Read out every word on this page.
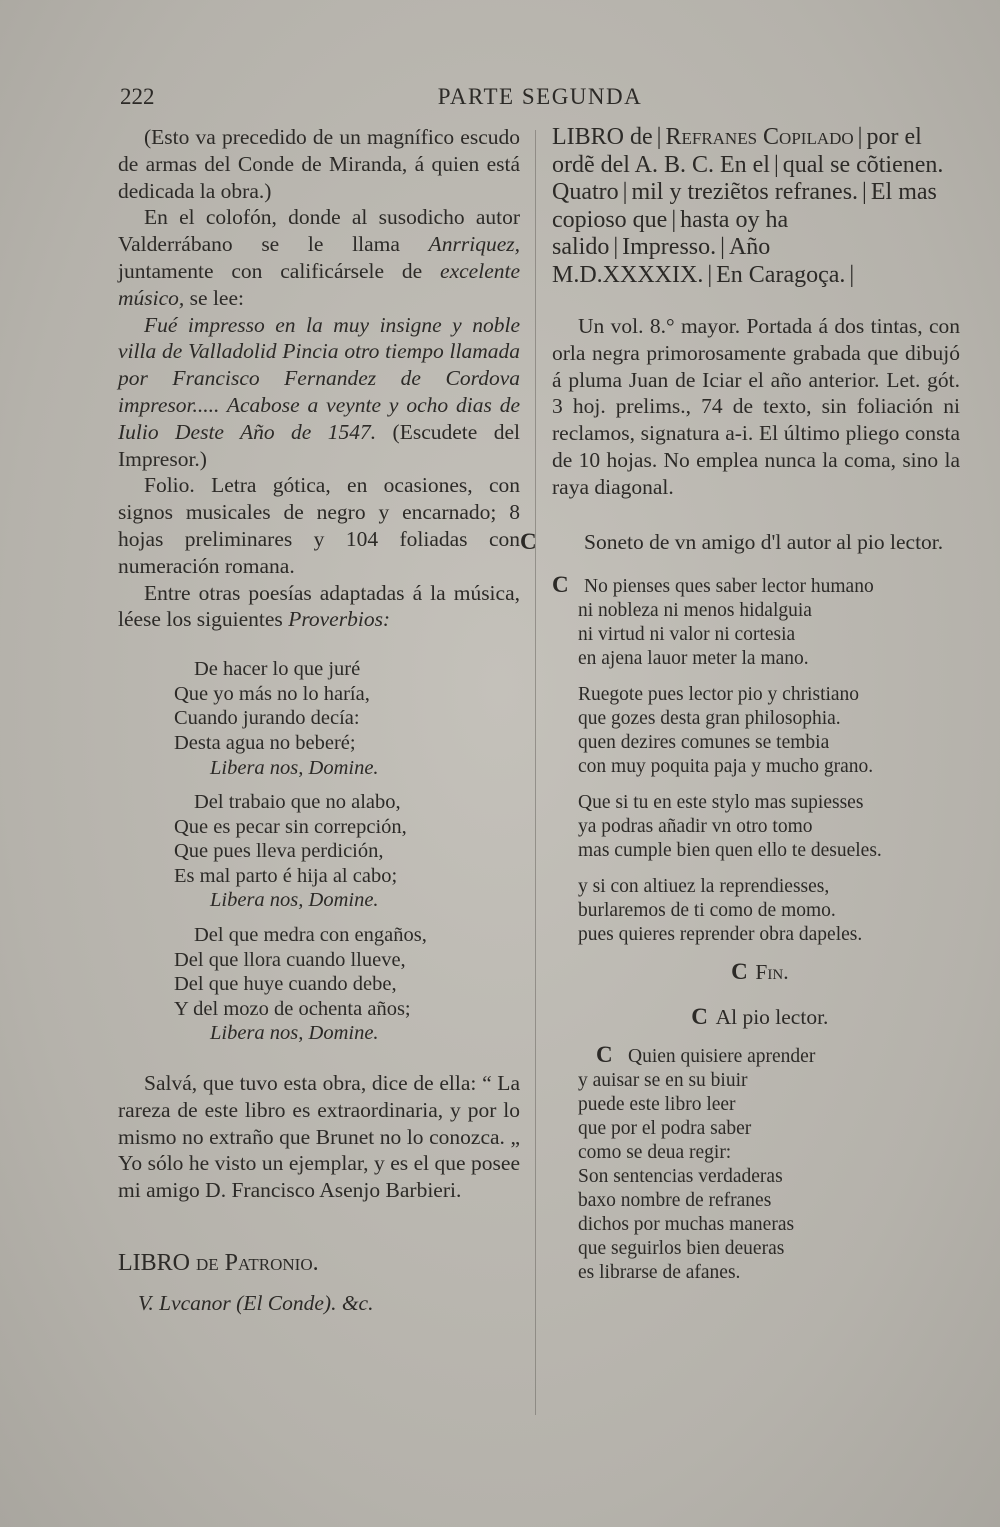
222	PARTE SEGUNDA

(Esto va precedido de un magnífico escudo de armas del Conde de Miranda, á quien está dedicada la obra.)

En el colofón, donde al susodicho autor Valderrábano se le llama Anrriquez, juntamente con calificársele de excelente músico, se lee:

Fué impresso en la muy insigne y noble villa de Valladolid Pincia otro tiempo llamada por Francisco Fernandez de Cordova impresor..... Acabose a veynte y ocho dias de Iulio Deste Año de 1547. (Escudete del Impresor.)

Folio. Letra gótica, en ocasiones, con signos musicales de negro y encarnado; 8 hojas preliminares y 104 foliadas con numeración romana.

Entre otras poesías adaptadas á la música, léese los siguientes Proverbios:

De hacer lo que juré
Que yo más no lo haría,
Cuando jurando decía:
Desta agua no beberé;
Libera nos, Domine.
Del trabaio que no alabo,
Que es pecar sin correpción,
Que pues lleva perdición,
Es mal parto é hija al cabo;
Libera nos, Domine.
Del que medra con engaños,
Del que llora cuando llueve,
Del que huye cuando debe,
Y del mozo de ochenta años;
Libera nos, Domine.

Salvá, que tuvo esta obra, dice de ella: “ La rareza de este libro es extraordinaria, y por lo mismo no extraño que Brunet no lo conozca. „ Yo sólo he visto un ejemplar, y es el que posee mi amigo D. Francisco Asenjo Barbieri.

LIBRO de Patronio.

V. Lvcanor (El Conde). &c.

LIBRO de | Refranes Copilado | por el ordẽ del A. B. C. En el | qual se cõtienen. Quatro | mil y treziẽtos refranes. | El mas copioso que | hasta oy ha salido | Impresso. | Año M.D.XXXXIX. | En Caragoça. |

Un vol. 8.° mayor. Portada á dos tintas, con orla negra primorosamente grabada que dibujó á pluma Juan de Iciar el año anterior. Let. gót. 3 hoj. prelims., 74 de texto, sin foliación ni reclamos, signatura a-i. El último pliego consta de 10 hojas. No emplea nunca la coma, sino la raya diagonal.

C Soneto de vn amigo d'l autor al pio lector.

C No pienses ques saber lector humano
ni nobleza ni menos hidalguia
ni virtud ni valor ni cortesia
en ajena lauor meter la mano.
Ruegote pues lector pio y christiano
que gozes desta gran philosophia.
quen dezires comunes se tembia
con muy poquita paja y mucho grano.
Que si tu en este stylo mas supiesses
ya podras añadir vn otro tomo
mas cumple bien quen ello te desueles.
y si con altiuez la reprendiesses,
burlaremos de ti como de momo.
pues quieres reprender obra dapeles.

C Fin.

C Al pio lector.

C Quien quisiere aprender
y auisar se en su biuir
puede este libro leer
que por el podra saber
como se deua regir:
Son sentencias verdaderas
baxo nombre de refranes
dichos por muchas maneras
que seguirlos bien deueras
es librarse de afanes.
